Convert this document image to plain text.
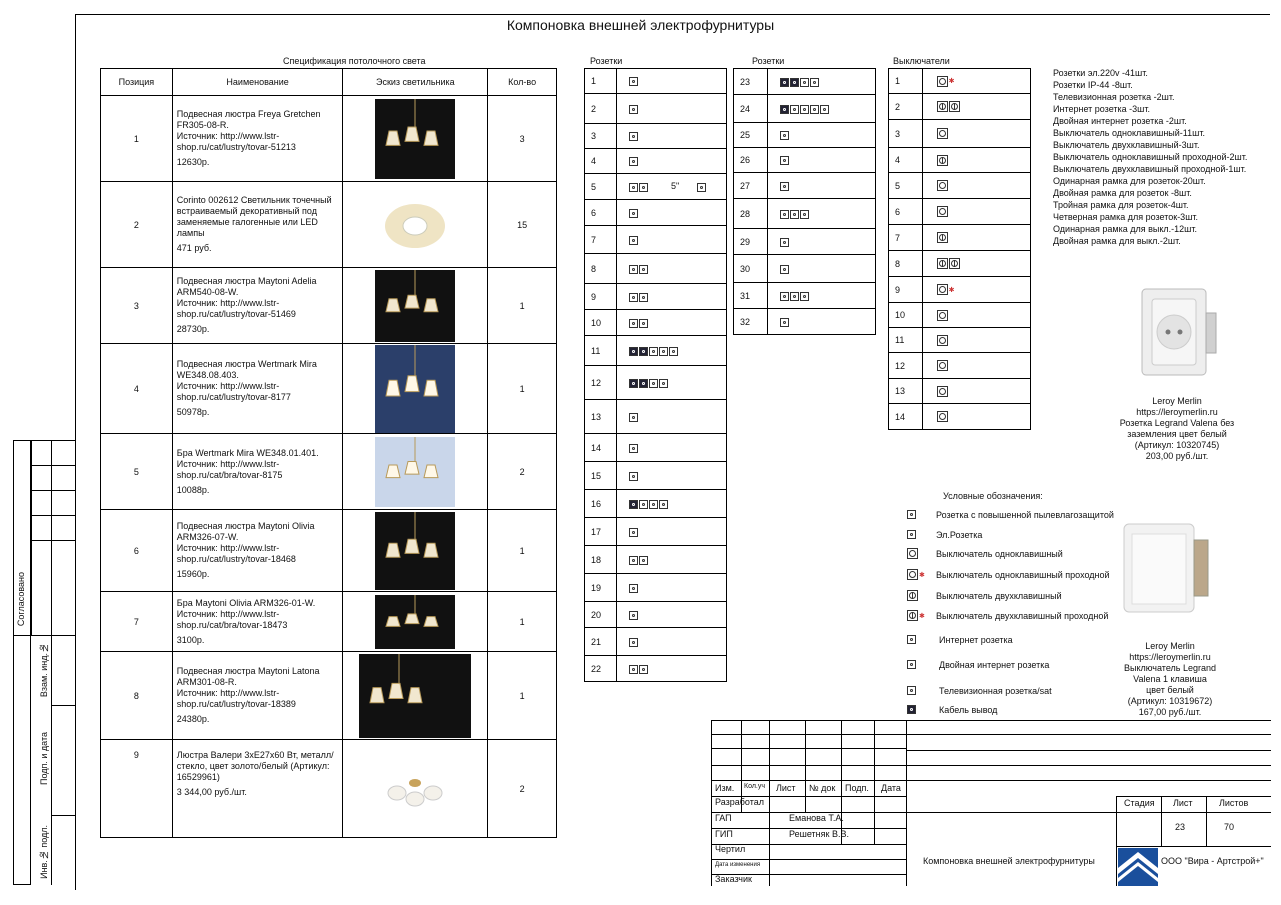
Согласовано
Взам. инд.№
Подп. и дата
Инв.№ подл.
Компоновка внешней электрофурнитуры
Спецификация потолочного света
Позиция	Наименование	Эскиз светильника	Кол-во
1	Подвесная люстра Freya Gretchen FR305-08-R.
Источник: http://www.lstr-shop.ru/cat/lustry/tovar-51213
12630р.		3
2	Corinto 002612 Светильник точечный встраиваемый декоративный под заменяемые галогенные или LED лампы
471 руб.		15
3	Подвесная люстра Maytoni Adelia ARM540-08-W.
Источник: http://www.lstr-shop.ru/cat/lustry/tovar-51469
28730р.		1
4	Подвесная люстра Wertmark Mira WE348.08.403.
Источник: http://www.lstr-shop.ru/cat/lustry/tovar-8177
50978р.		1
5	Бра Wertmark Mira WE348.01.401.
Источник: http://www.lstr-shop.ru/cat/bra/tovar-8175
10088р.		2
6	Подвесная люстра Maytoni Olivia ARM326-07-W.
Источник: http://www.lstr-shop.ru/cat/lustry/tovar-18468
15960р.		1
7	Бра Maytoni Olivia ARM326-01-W.
Источник: http://www.lstr-shop.ru/cat/bra/tovar-18473
3100р.		1
8	Подвесная люстра Maytoni Latona ARM301-08-R.
Источник: http://www.lstr-shop.ru/cat/lustry/tovar-18389
24380р.		1
9	Люстра Валери 3xE27x60 Вт, металл/стекло, цвет золото/белый (Артикул: 16529961)
3 344,00 руб./шт.		2
Розетки
1	
2	
3	
4	
5	5"
6	
7	
8	
9	
10	
11	
12	
13	
14	
15	
16	
17	
18	
19	
20	
21	
22	
Розетки
23	
24	
25	
26	
27	
28	
29	
30	
31	
32	
Выключатели
1	✱
2	
3	
4	
5	
6	
7	
8	
9	✱
10	
11	
12	
13	
14	
Розетки эл.220v -41шт.
Розетки IP-44 -8шт.
Телевизионная розетка -2шт.
Интернет розетка -3шт.
Двойная интернет розетка -2шт.
Выключатель одноклавишный-11шт.
Выключатель двухклавишный-3шт.
Выключатель одноклавишный проходной-2шт.
Выключатель двухклавишный проходной-1шт.
Одинарная рамка для розеток-20шт.
Двойная рамка для розеток -8шт.
Тройная рамка для розеток-4шт.
Четверная рамка для розеток-3шт.
Одинарная рамка для выкл.-12шт.
Двойная рамка для выкл.-2шт.
Leroy Merlin https://leroymerlin.ru
Розетка Legrand Valena без
заземления цвет белый
(Артикул: 10320745)
203,00 руб./шт.
Leroy Merlin https://leroymerlin.ru
Выключатель Legrand
Valena 1 клавиша
цвет белый
(Артикул: 10319672)
167,00 руб./шт.
Условные обозначения:
Розетка с повышенной пылевлагозащитой
Эл.Розетка
Выключатель одноклавишный
✱ Выключатель одноклавишный проходной
Выключатель двухклавишный
✱ Выключатель двухклавишный проходной
Интернет розетка
Двойная интернет розетка
Телевизионная розетка/sat
Кабель вывод
Изм. Кол.уч Лист № док Подп. Дата
Разработал
ГАП	Еманова Т.А.
ГИП	Решетняк В.В.
Чертил
Дата изменения
Заказчик
Стадия Лист	Листов
23	70
Компоновка внешней электрофурнитуры	ООО "Вира - Артстрой+"
